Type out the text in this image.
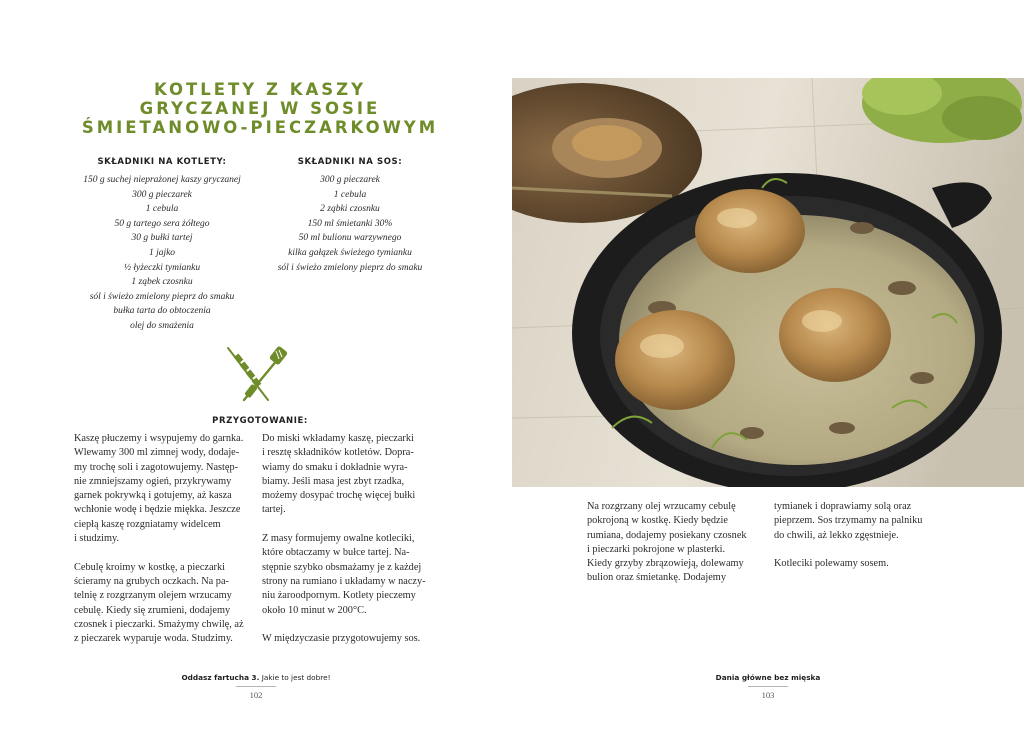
KOTLETY Z KASZY
GRYCZANEJ W SOSIE
ŚMIETANOWO-PIECZARKOWYM
SKŁADNIKI NA KOTLETY:
150 g suchej nieprażonej kaszy gryczanej
300 g pieczarek
1 cebula
50 g tartego sera żółtego
30 g bułki tartej
1 jajko
½ łyżeczki tymianku
1 ząbek czosnku
sól i świeżo zmielony pieprz do smaku
bułka tarta do obtoczenia
olej do smażenia
SKŁADNIKI NA SOS:
300 g pieczarek
1 cebula
2 ząbki czosnku
150 ml śmietanki 30%
50 ml bulionu warzywnego
kilka gałązek świeżego tymianku
sól i świeżo zmielony pieprz do smaku
PRZYGOTOWANIE:

Kaszę płuczemy i wsypujemy do garnka.
Wlewamy 300 ml zimnej wody, dodaje-
my trochę soli i zagotowujemy. Następ-
nie zmniejszamy ogień, przykrywamy
garnek pokrywką i gotujemy, aż kasza
wchłonie wodę i będzie miękka. Jeszcze
ciepłą kaszę rozgniatamy widelcem
i studzimy.

Cebulę kroimy w kostkę, a pieczarki
ścieramy na grubych oczkach. Na pa-
telnię z rozgrzanym olejem wrzucamy
cebulę. Kiedy się zrumieni, dodajemy
czosnek i pieczarki. Smażymy chwilę, aż
z pieczarek wyparuje woda. Studzimy.

Do miski wkładamy kaszę, pieczarki
i resztę składników kotletów. Dopra-
wiamy do smaku i dokładnie wyra-
biamy. Jeśli masa jest zbyt rzadka,
możemy dosypać trochę więcej bułki
tartej.

Z masy formujemy owalne kotleciki,
które obtaczamy w bułce tartej. Na-
stępnie szybko obsmażamy je z każdej
strony na rumiano i układamy w naczy-
niu żaroodpornym. Kotlety pieczemy
około 10 minut w 200°C.

W międzyczasie przygotowujemy sos.

Oddasz fartucha 3. Jakie to jest dobre!
102

Na rozgrzany olej wrzucamy cebulę
pokrojoną w kostkę. Kiedy będzie
rumiana, dodajemy posiekany czosnek
i pieczarki pokrojone w plasterki.
Kiedy grzyby zbrązowieją, dolewamy
bulion oraz śmietankę. Dodajemy

tymianek i doprawiamy solą oraz
pieprzem. Sos trzymamy na palniku
do chwili, aż lekko zgęstnieje.

Kotleciki polewamy sosem.

Dania główne bez mięska
103
